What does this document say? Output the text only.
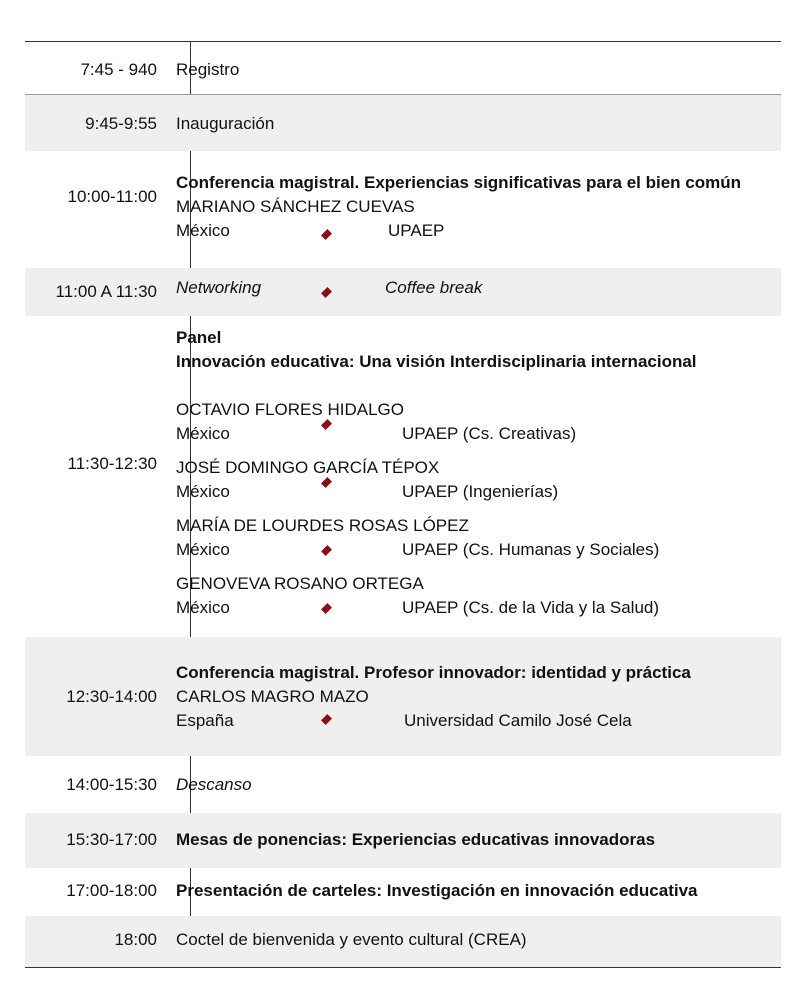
7:45 - 940 Registro
9:45-9:55 Inauguración
10:00-11:00
Conferencia magistral. Experiencias significativas para el bien común
MARIANO SÁNCHEZ CUEVAS
México	UPAEP
11:00 A 11:30 Networking	Coffee break
11:30-12:30
Panel
Innovación educativa: Una visión Interdisciplinaria internacional
OCTAVIO FLORES HIDALGO
México	UPAEP (Cs. Creativas)
JOSÉ DOMINGO GARCÍA TÉPOX
México	UPAEP (Ingenierías)
MARÍA DE LOURDES ROSAS LÓPEZ
México	UPAEP (Cs. Humanas y Sociales)
GENOVEVA ROSANO ORTEGA
México	UPAEP (Cs. de la Vida y la Salud)
12:30-14:00
Conferencia magistral. Profesor innovador: identidad y práctica
CARLOS MAGRO MAZO
España	Universidad Camilo José Cela
14:00-15:30 Descanso
15:30-17:00 Mesas de ponencias: Experiencias educativas innovadoras
17:00-18:00 Presentación de carteles: Investigación en innovación educativa
18:00 Coctel de bienvenida y evento cultural (CREA)
